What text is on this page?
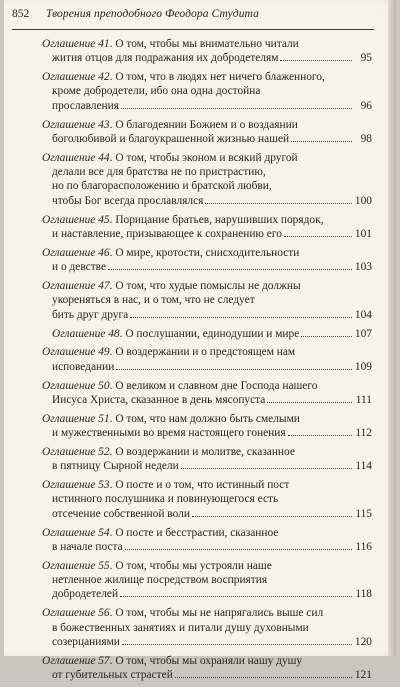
852 Творения преподобного Феодора Студита
Оглашение 41. О том, чтобы мы внимательно читали

жития отцов для подражания их добродетелям	95
Оглашение 42. О том, что в людях нет ничего блаженного,
кроме добродетели, ибо она одна достойна

прославления	96
Оглашение 43. О благодеянии Божием и о воздаянии

боголюбивой и благоукрашенной жизнью нашей	98
Оглашение 44. О том, чтобы эконом и всякий другой
делали все для братства не по пристрастию,
но по благорасположению и братской любви,

чтобы Бог всегда прославлялся	100
Оглашение 45. Порицание братьев, нарушивших порядок,

и наставление, призывающее к сохранению его	101
Оглашение 46. О мире, кротости, снисходительности

и о девстве	103
Оглашение 47. О том, что худые помыслы не должны
укореняться в нас, и о том, что не следует

бить друг друга	104
Оглашение 48 . О послушании, единодушии и мире	107
Оглашение 49. О воздержании и о предстоящем нам

исповедании	109
Оглашение 50. О великом и славном дне Господа нашего

Иисуса Христа, сказанное в день мясопуста	111
Оглашение 51. О том, что нам должно быть смелыми

и мужественными во время настоящего гонения	112
Оглашение 52. О воздержании и молитве, сказанное

в пятницу Сырной недели	114
Оглашение 53. О посте и о том, что истинный пост
истинного послушника и повинующегося есть

отсечение собственной воли	115
Оглашение 54. О посте и бесстрастии, сказанное

в начале поста	116
Оглашение 55. О том, чтобы мы устрояли наше
нетленное жилище посредством восприятия

добродетелей	118
Оглашение 56. О том, чтобы мы не напрягались выше сил
в божественных занятиях и питали душу духовными

созерцаниями	120
Оглашение 57. О том, чтобы мы охраняли нашу душу

от губительных страстей	121
